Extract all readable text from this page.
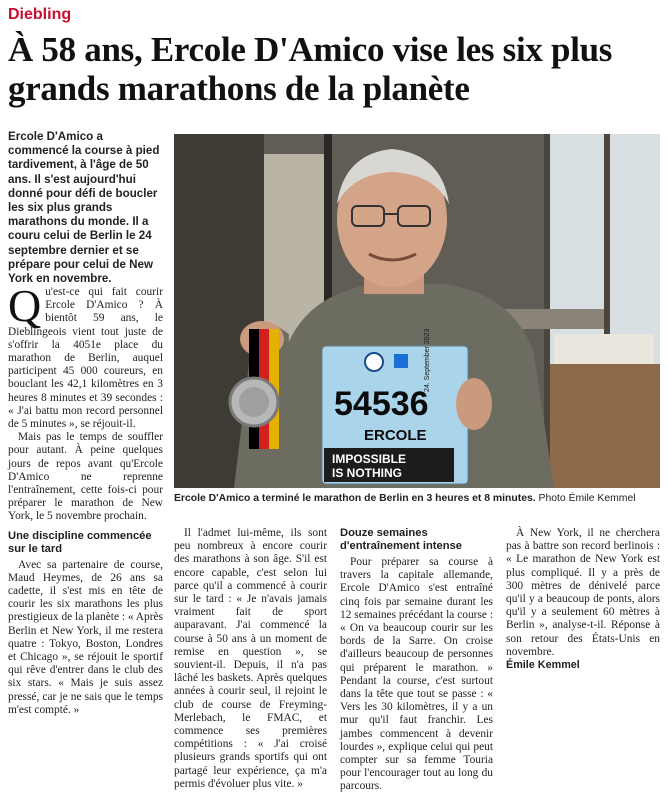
Diebling
À 58 ans, Ercole D'Amico vise les six plus grands marathons de la planète
Ercole D'Amico a commencé la course à pied tardivement, à l'âge de 50 ans. Il s'est aujourd'hui donné pour défi de boucler les six plus grands marathons du monde. Il a couru celui de Berlin le 24 septembre dernier et se prépare pour celui de New York en novembre.
24. September 2023
54536
ERCOLE
IMPOSSIBLE
IS NOTHING
Ercole D'Amico a terminé le marathon de Berlin en 3 heures et 8 minutes. Photo Émile Kemmel

Qu'est-ce qui fait courir Ercole D'Amico ? À bientôt 59 ans, le Dieblingeois vient tout juste de s'offrir la 4051e place du marathon de Berlin, auquel participent 45 000 coureurs, en bouclant les 42,1 kilomètres en 3 heures 8 minutes et 39 secondes : « J'ai battu mon record personnel de 5 minutes », se réjouit-il.

Mais pas le temps de souffler pour autant. À peine quelques jours de repos avant qu'Ercole D'Amico ne reprenne l'entraînement, cette fois-ci pour préparer le marathon de New York, le 5 novembre prochain.

Une discipline commencée sur le tard

Avec sa partenaire de course, Maud Heymes, de 26 ans sa cadette, il s'est mis en tête de courir les six marathons les plus prestigieux de la planète : « Après Berlin et New York, il me restera quatre : Tokyo, Boston, Londres et Chicago », se réjouit le sportif qui rêve d'entrer dans le club des six stars. « Mais je suis assez pressé, car je ne sais que le temps m'est compté. »

Il l'admet lui-même, ils sont peu nombreux à encore courir des marathons à son âge. S'il est encore capable, c'est selon lui parce qu'il a commencé à courir sur le tard : « Je n'avais jamais vraiment fait de sport auparavant. J'ai commencé la course à 50 ans à un moment de remise en question », se souvient-il. Depuis, il n'a pas lâché les baskets. Après quelques années à courir seul, il rejoint le club de course de Freyming-Merlebach, le FMAC, et commence ses premières compétitions : « J'ai croisé plusieurs grands sportifs qui ont partagé leur expérience, ça m'a permis d'évoluer plus vite. »

Douze semaines d'entraînement intense

Pour préparer sa course à travers la capitale allemande, Ercole D'Amico s'est entraîné cinq fois par semaine durant les 12 semaines précédant la course : « On va beaucoup courir sur les bords de la Sarre. On croise d'ailleurs beaucoup de personnes qui préparent le marathon. » Pendant la course, c'est surtout dans la tête que tout se passe : « Vers les 30 kilomètres, il y a un mur qu'il faut franchir. Les jambes commencent à devenir lourdes », explique celui qui peut compter sur sa femme Touria pour l'encourager tout au long du parcours.

À New York, il ne cherchera pas à battre son record berlinois : « Le marathon de New York est plus compliqué. Il y a près de 300 mètres de dénivelé parce qu'il y a beaucoup de ponts, alors qu'il y a seulement 60 mètres à Berlin », analyse-t-il. Réponse à son retour des États-Unis en novembre.

Émile Kemmel
